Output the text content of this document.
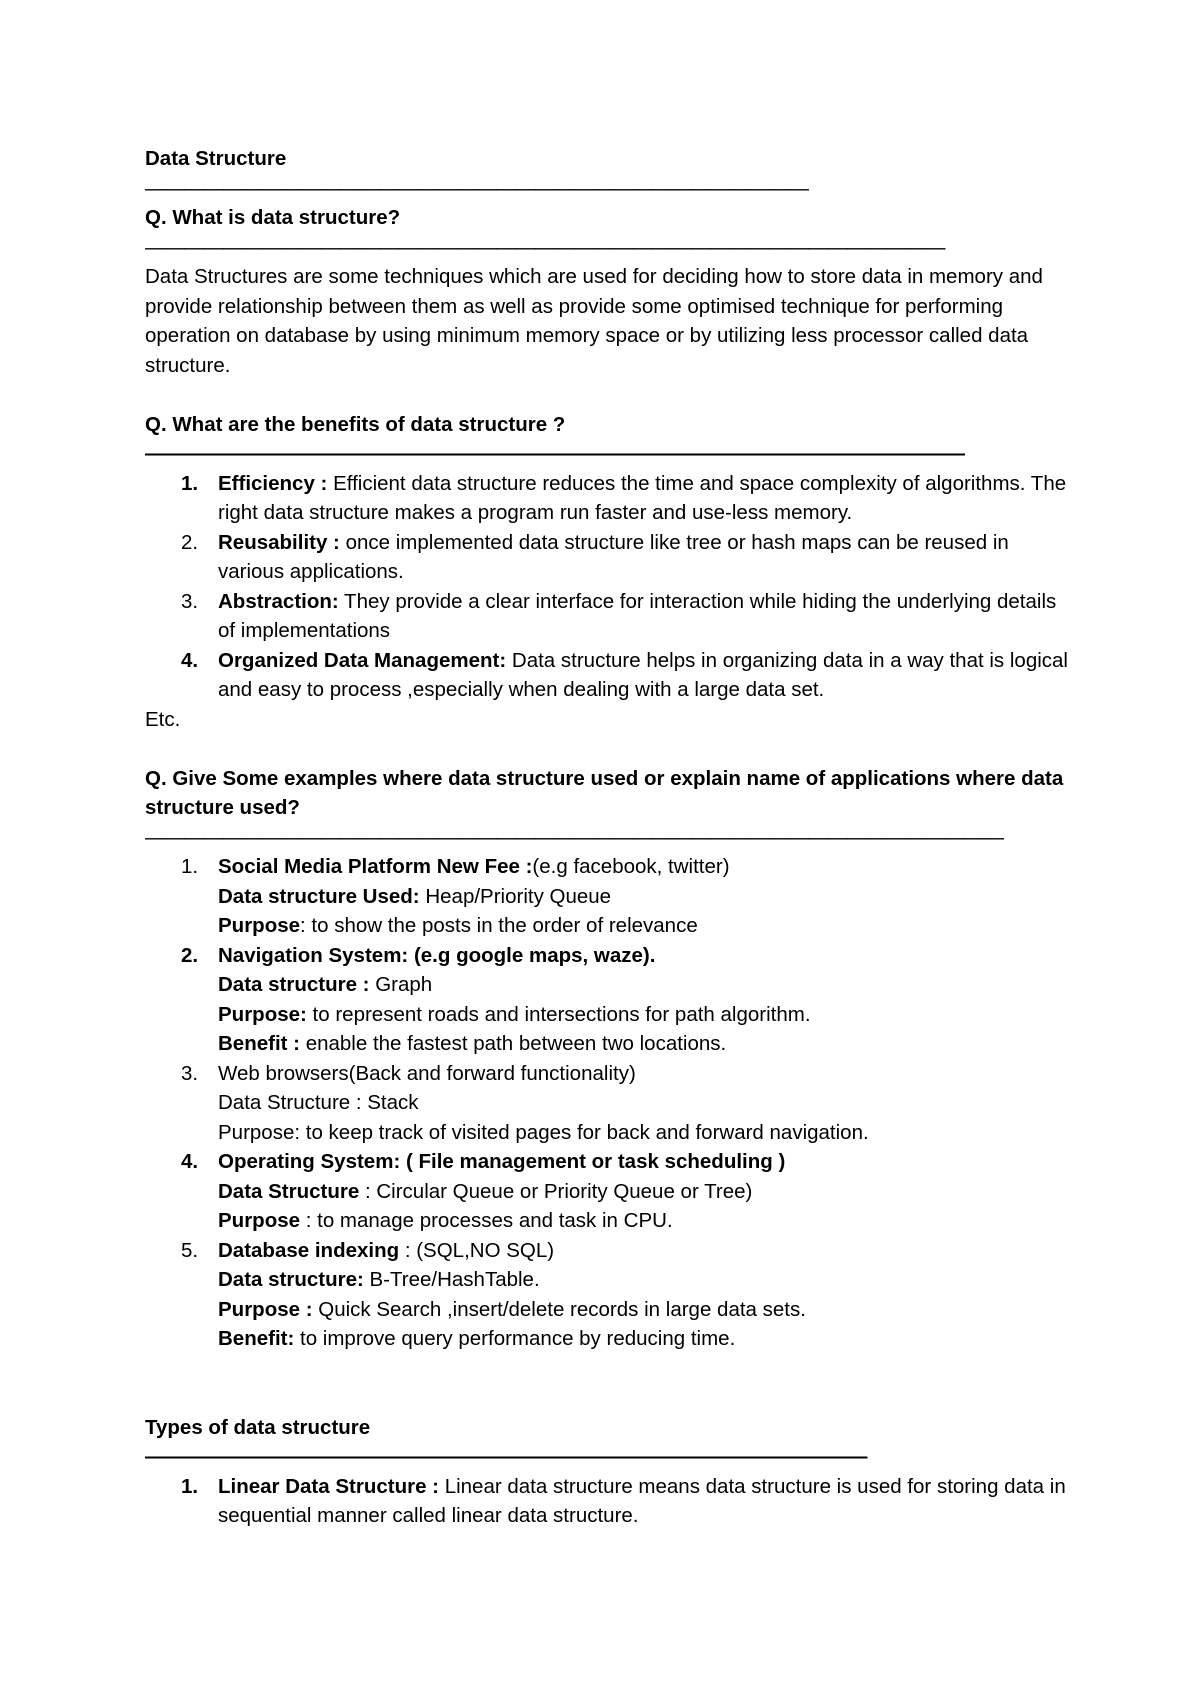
Data Structure

——————————————————————————————————

Q. What is data structure?

—————————————————————————————————————————

Data Structures are some techniques which are used for deciding how to store data in memory and provide relationship between them as well as provide some optimised technique for performing operation on database by using minimum memory space or by utilizing less processor called data structure.

Q. What are the benefits of data structure ?

——————————————————————————————————————————
1. Efficiency : Efficient data structure reduces the time and space complexity of algorithms. The right data structure makes a program run faster and use-less memory.
2. Reusability : once implemented data structure like tree or hash maps can be reused in various applications.
3. Abstraction: They provide a clear interface for interaction while hiding the underlying details of implementations
4. Organized Data Management: Data structure helps in organizing data in a way that is logical and easy to process ,especially when dealing with a large data set.

Etc.

Q. Give Some examples where data structure used or explain name of applications where data structure used?

————————————————————————————————————————————
1. Social Media Platform New Fee :(e.g facebook, twitter)
Data structure Used: Heap/Priority Queue
Purpose: to show the posts in the order of relevance
2. Navigation System: (e.g google maps, waze).
Data structure : Graph
Purpose: to represent roads and intersections for path algorithm.
Benefit : enable the fastest path between two locations.
3. Web browsers(Back and forward functionality)
Data Structure : Stack
Purpose: to keep track of visited pages for back and forward navigation.
4. Operating System: ( File management or task scheduling )
Data Structure : Circular Queue or Priority Queue or Tree)
Purpose : to manage processes and task in CPU.
5. Database indexing : (SQL,NO SQL)
Data structure: B-Tree/HashTable.
Purpose : Quick Search ,insert/delete records in large data sets.
Benefit: to improve query performance by reducing time.

Types of data structure

—————————————————————————————————————
1. Linear Data Structure : Linear data structure means data structure is used for storing data in sequential manner called linear data structure.
